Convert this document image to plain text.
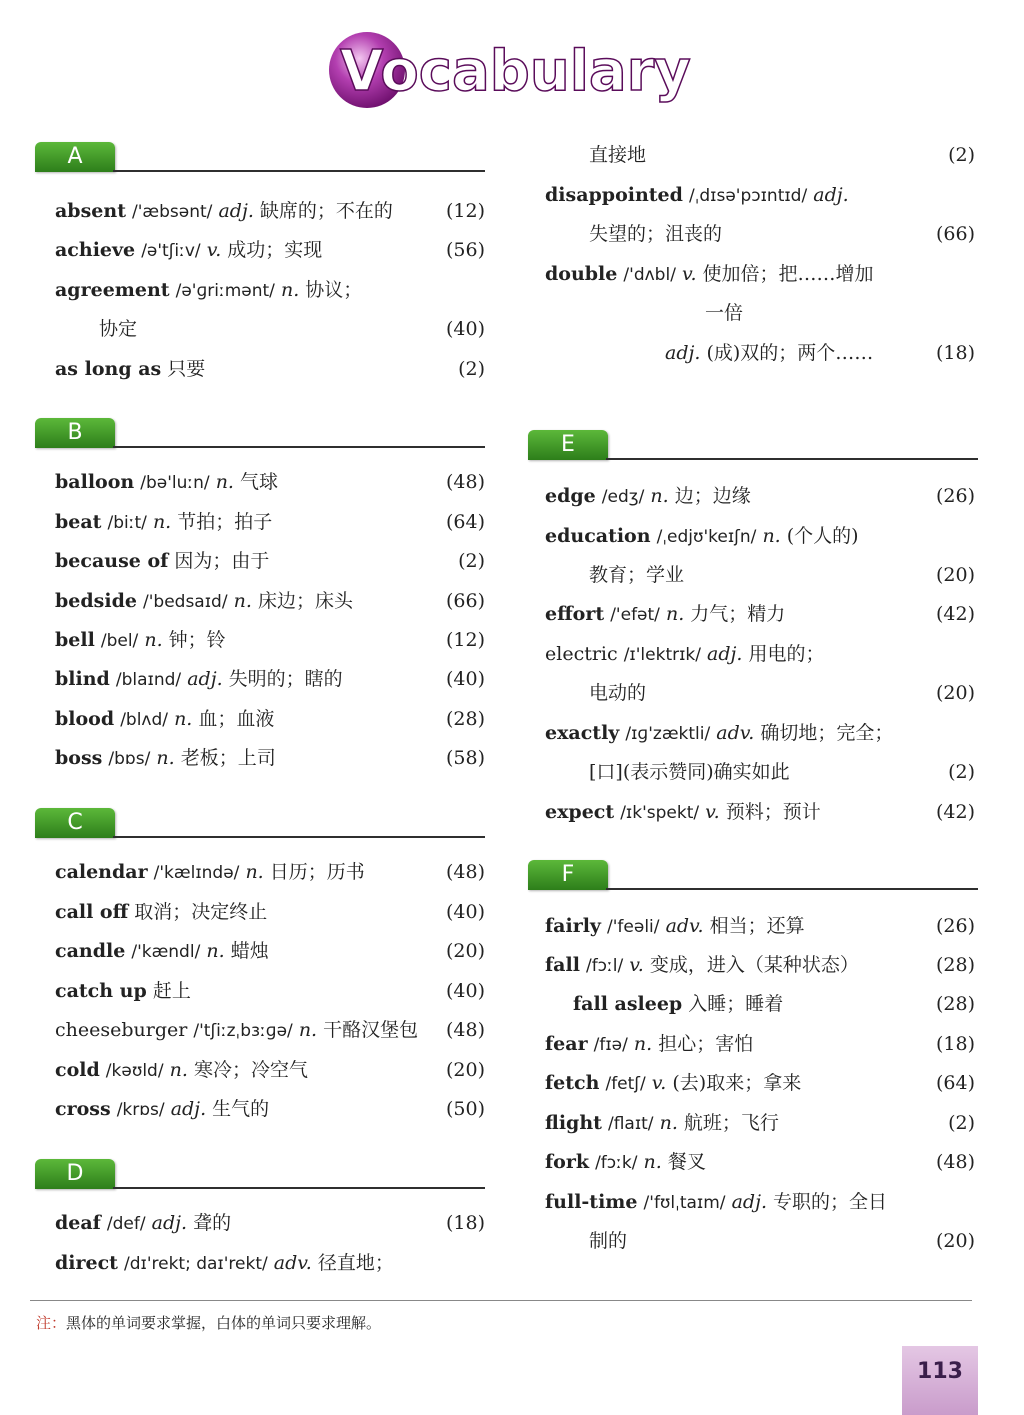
Vocabulary
A
absent /'æbsənt/ adj. 缺席的；不在的	(12)
achieve /ə'tʃiːv/ v. 成功；实现	(56)
agreement /ə'ɡriːmənt/ n. 协议；
协定	(40)
as long as 只要	(2)
B
balloon /bə'luːn/ n. 气球	(48)
beat /biːt/ n. 节拍；拍子	(64)
because of 因为；由于	(2)
bedside /'bedsaɪd/ n. 床边；床头	(66)
bell /bel/ n. 钟；铃	(12)
blind /blaɪnd/ adj. 失明的；瞎的	(40)
blood /blʌd/ n. 血；血液	(28)
boss /bɒs/ n. 老板；上司	(58)
C
calendar /'kælɪndə/ n. 日历；历书	(48)
call off 取消；决定终止	(40)
candle /'kændl/ n. 蜡烛	(20)
catch up 赶上	(40)
cheeseburger /'tʃiːzˌbɜːɡə/ n. 干酪汉堡包 (48)
cold /kəʊld/ n. 寒冷；冷空气	(20)
cross /krɒs/ adj. 生气的	(50)
D
deaf /def/ adj. 聋的	(18)
direct /dɪ'rekt; daɪ'rekt/ adv. 径直地；
直接地	(2)
disappointed /ˌdɪsə'pɔɪntɪd/ adj.
失望的；沮丧的	(66)
double /'dʌbl/ v. 使加倍；把……增加
一倍
adj. (成)双的；两个……	(18)
E
edge /edʒ/ n. 边；边缘	(26)
education /ˌedjʊ'keɪʃn/ n. (个人的)
教育；学业	(20)
effort /'efət/ n. 力气；精力	(42)
electric /ɪ'lektrɪk/ adj. 用电的；
电动的	(20)
exactly /ɪɡ'zæktli/ adv. 确切地；完全；
[口](表示赞同)确实如此	(2)
expect /ɪk'spekt/ v. 预料；预计	(42)
F
fairly /'feəli/ adv. 相当；还算	(26)
fall /fɔːl/ v. 变成，进入（某种状态）	(28)
fall asleep 入睡；睡着	(28)
fear /fɪə/ n. 担心；害怕	(18)
fetch /fetʃ/ v. (去)取来；拿来	(64)
flight /flaɪt/ n. 航班；飞行	(2)
fork /fɔːk/ n. 餐叉	(48)
full-time /'fʊlˌtaɪm/ adj. 专职的；全日
制的	(20)
注：黑体的单词要求掌握，白体的单词只要求理解。
113
